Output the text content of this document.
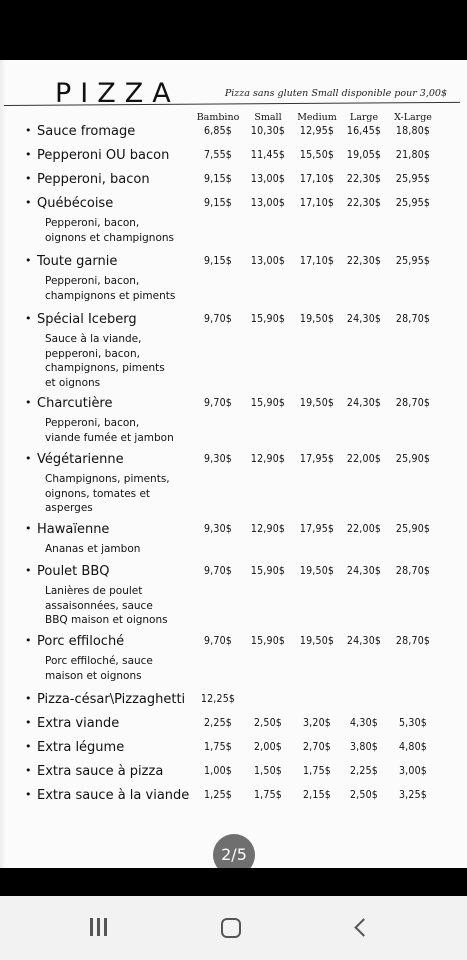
PIZZA	Pizza sans gluten Small disponible pour 3,00$
Bambino	Small	Medium	Large	X-Large
• Sauce fromage	6,85$	10,30$	12,95$	16,45$	18,80$
• Pepperoni OU bacon	7,55$	11,45$	15,50$	19,05$	21,80$
• Pepperoni, bacon	9,15$	13,00$	17,10$	22,30$	25,95$
• Québécoise
Pepperoni, bacon,
oignons et champignons
9,15$	13,00$	17,10$	22,30$	25,95$
• Toute garnie
Pepperoni, bacon,
champignons et piments
9,15$	13,00$	17,10$	22,30$	25,95$
• Spécial Iceberg
Sauce à la viande,
pepperoni, bacon,
champignons, piments
et oignons
9,70$	15,90$	19,50$	24,30$	28,70$
• Charcutière
Pepperoni, bacon,
viande fumée et jambon
9,70$	15,90$	19,50$	24,30$	28,70$
• Végétarienne
Champignons, piments,
oignons, tomates et
asperges
9,30$	12,90$	17,95$	22,00$	25,90$
• Hawaïenne
Ananas et jambon
9,30$	12,90$	17,95$	22,00$	25,90$
• Poulet BBQ
Lanières de poulet
assaisonnées, sauce
BBQ maison et oignons
9,70$	15,90$	19,50$	24,30$	28,70$
• Porc effiloché
Porc effiloché, sauce
maison et oignons
9,70$	15,90$	19,50$	24,30$	28,70$
• Pizza-césar\Pizzaghetti	12,25$
• Extra viande	2,25$	2,50$	3,20$	4,30$	5,30$
• Extra légume	1,75$	2,00$	2,70$	3,80$	4,80$
• Extra sauce à pizza	1,00$	1,50$	1,75$	2,25$	3,00$
• Extra sauce à la viande	1,25$	1,75$	2,15$	2,50$	3,25$
2/5
